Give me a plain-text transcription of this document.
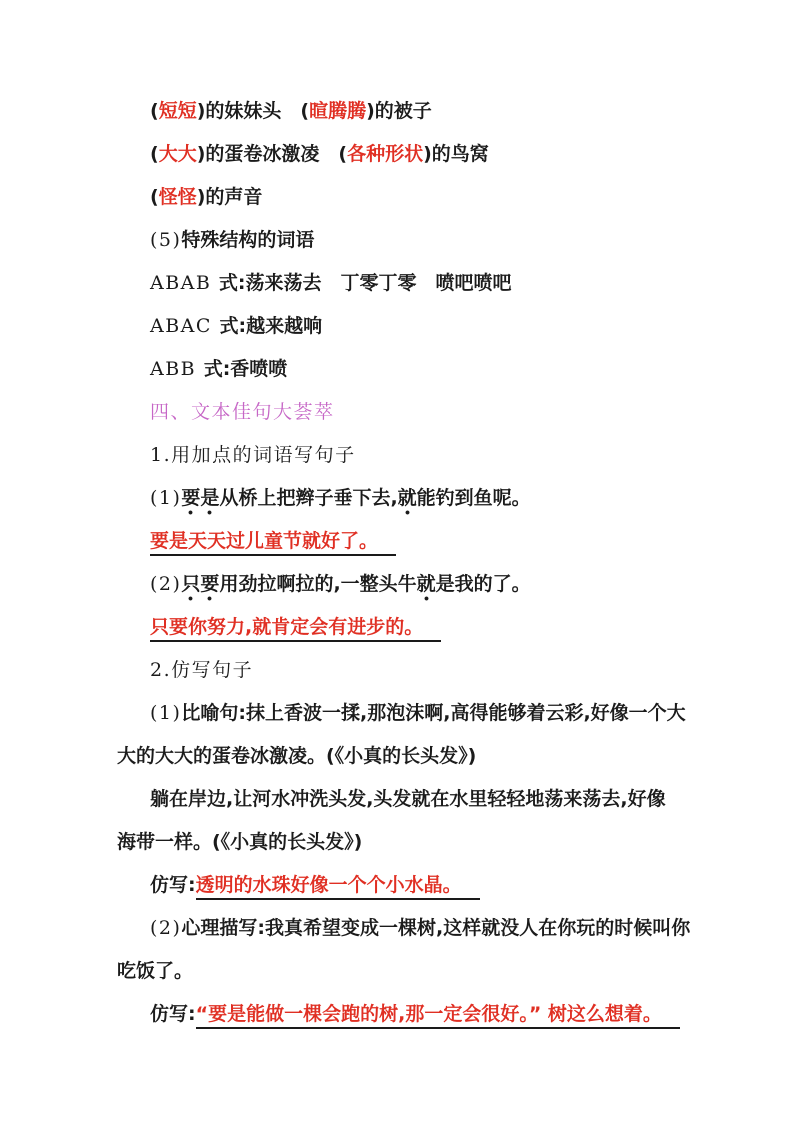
(短短)的妹妹头　(暄腾腾)的被子
(大大)的蛋卷冰激凌　(各种形状)的鸟窝
(怪怪)的声音
(5)特殊结构的词语
ABAB 式:荡来荡去　丁零丁零　喷吧喷吧
ABAC 式:越来越响
ABB 式:香喷喷
四、文本佳句大荟萃
1.用加点的词语写句子
(1)要是从桥上把辫子垂下去,就能钓到鱼呢。
要是天天过儿童节就好了。
(2)只要用劲拉啊拉的,一整头牛就是我的了。
只要你努力,就肯定会有进步的。
2.仿写句子
(1)比喻句:抹上香波一揉,那泡沫啊,高得能够着云彩,好像一个大
大的大大的蛋卷冰激凌。(《小真的长头发》)
躺在岸边,让河水冲洗头发,头发就在水里轻轻地荡来荡去,好像
海带一样。(《小真的长头发》)
仿写:透明的水珠好像一个个小水晶。
(2)心理描写:我真希望变成一棵树,这样就没人在你玩的时候叫你
吃饭了。
仿写:“要是能做一棵会跑的树,那一定会很好。” 树这么想着。
